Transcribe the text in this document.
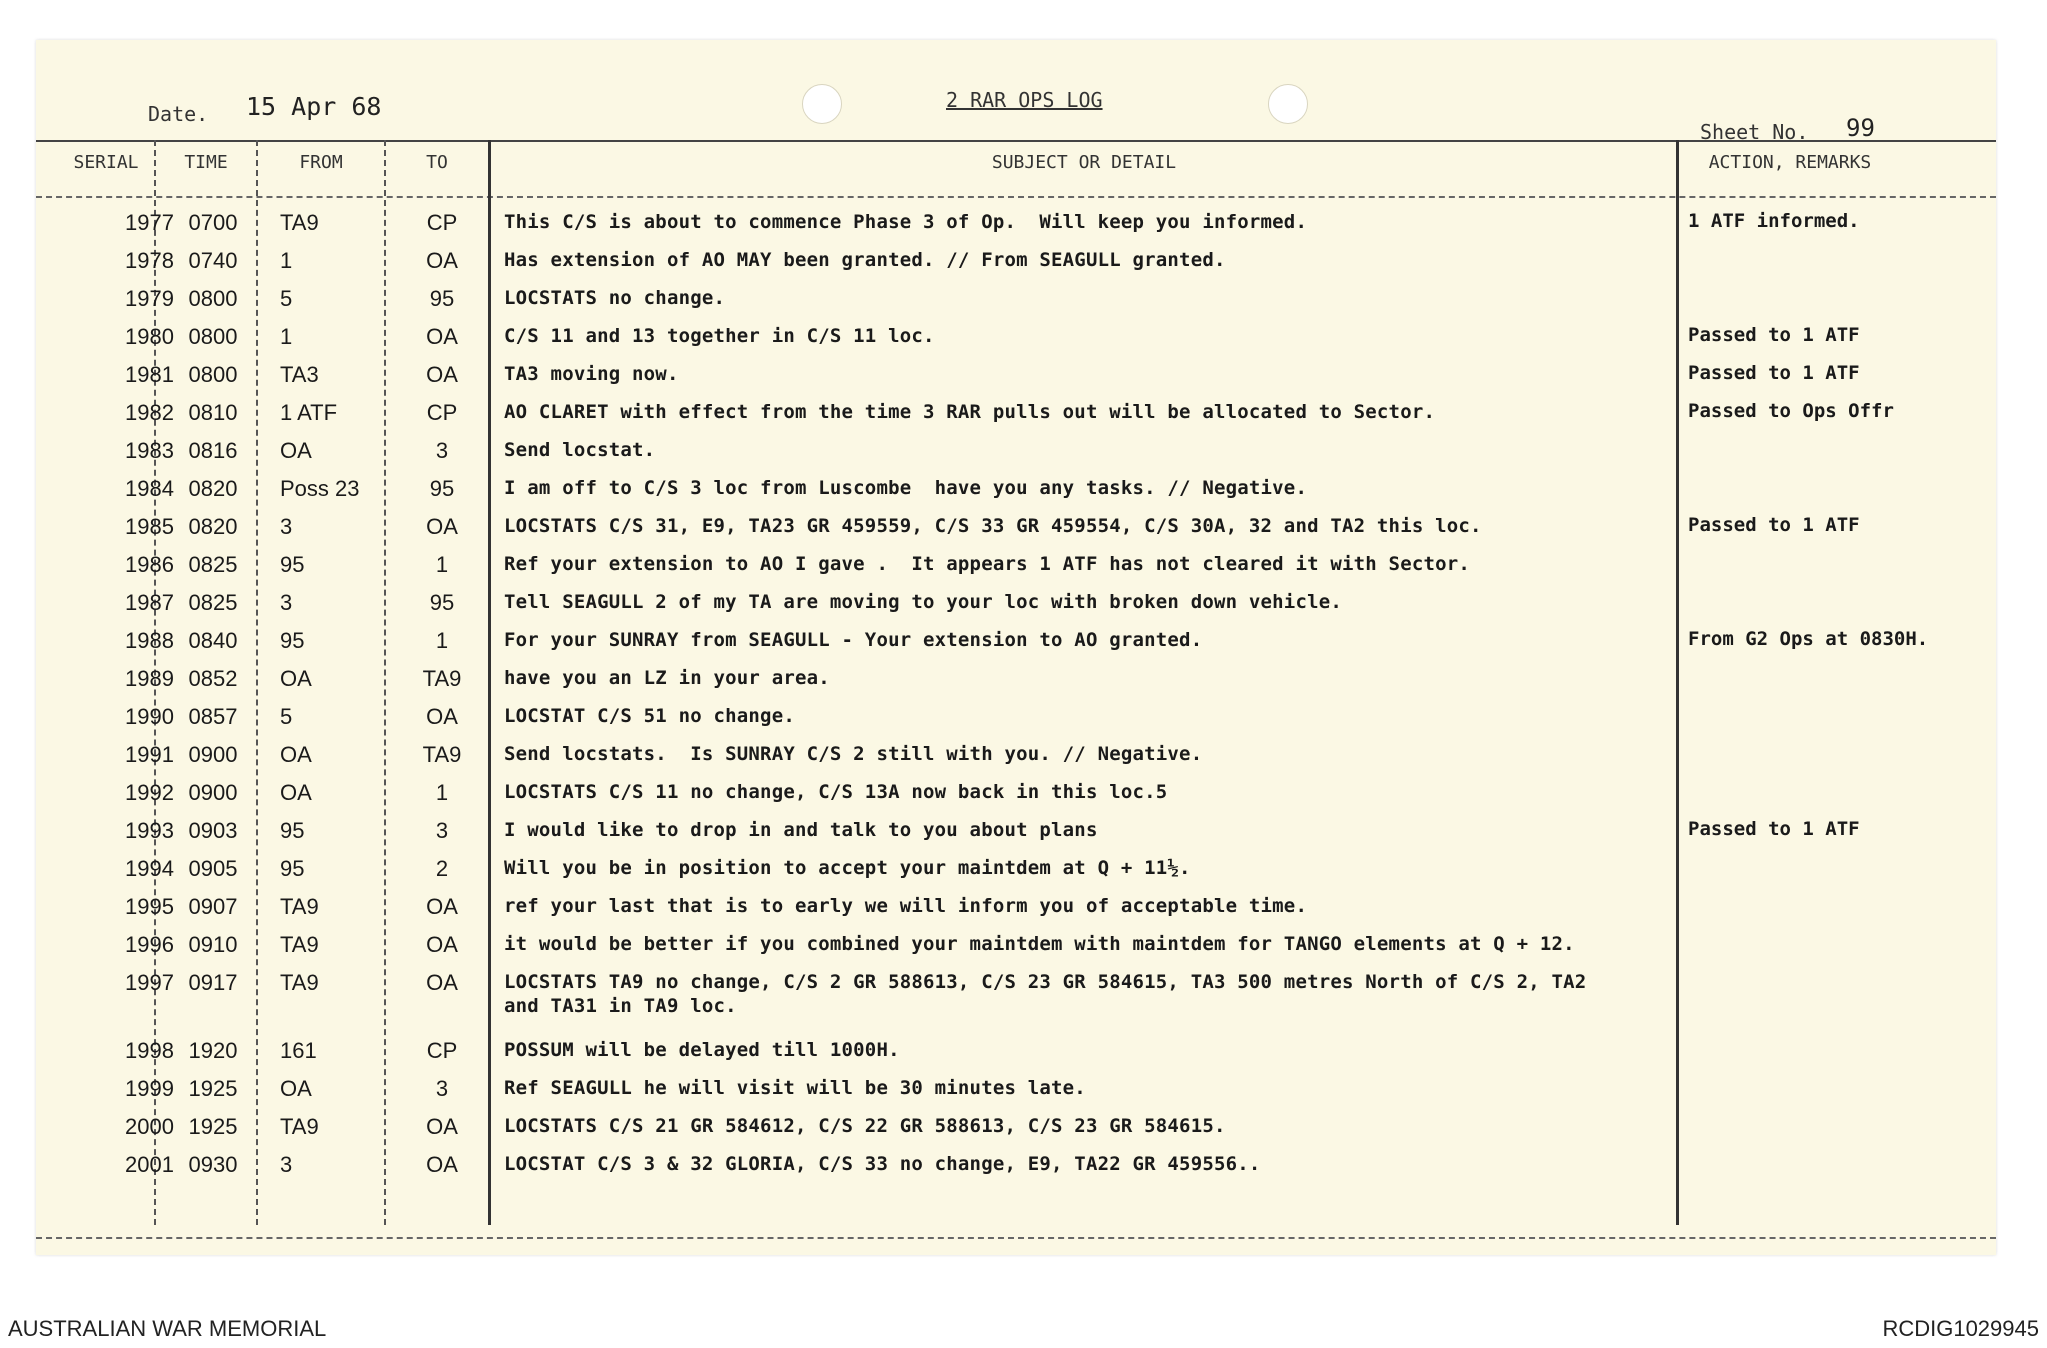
Date. 15 Apr 68	2 RAR OPS LOG
Sheet No. 99
SERIAL	TIME	FROM	TO	SUBJECT OR DETAIL	ACTION, REMARKS
1977 0700	TA9	CP	This C/S is about to commence Phase 3 of Op.  Will keep you informed.	1 ATF informed.
1978 0740	1	OA	Has extension of AO MAY been granted. // From SEAGULL granted.
1979 0800	5	95	LOCSTATS no change.
1980 0800	1	OA	C/S 11 and 13 together in C/S 11 loc.	Passed to 1 ATF
1981 0800	TA3	OA	TA3 moving now.	Passed to 1 ATF
1982 0810	1 ATF	CP	AO CLARET with effect from the time 3 RAR pulls out will be allocated to Sector.	Passed to Ops Offr
1983 0816	OA	3	Send locstat.
1984 0820	Poss 23	95	I am off to C/S 3 loc from Luscombe  have you any tasks. // Negative.
1985 0820	3	OA	LOCSTATS C/S 31, E9, TA23 GR 459559, C/S 33 GR 459554, C/S 30A, 32 and TA2 this loc.	Passed to 1 ATF
1986 0825	95	1	Ref your extension to AO I gave .  It appears 1 ATF has not cleared it with Sector.
1987 0825	3	95	Tell SEAGULL 2 of my TA are moving to your loc with broken down vehicle.
1988 0840	95	1	For your SUNRAY from SEAGULL - Your extension to AO granted.	From G2 Ops at 0830H.
1989 0852	OA	TA9	have you an LZ in your area.
1990 0857	5	OA	LOCSTAT C/S 51 no change.
1991 0900	OA	TA9	Send locstats.  Is SUNRAY C/S 2 still with you. // Negative.
1992 0900	OA	1	LOCSTATS C/S 11 no change, C/S 13A now back in this loc.5
1993 0903	95	3	I would like to drop in and talk to you about plans	Passed to 1 ATF
1994 0905	95	2	Will you be in position to accept your maintdem at Q + 11½.
1995 0907	TA9	OA	ref your last that is to early we will inform you of acceptable time.
1996 0910	TA9	OA	it would be better if you combined your maintdem with maintdem for TANGO elements at Q + 12.
1997 0917	TA9	OA	LOCSTATS TA9 no change, C/S 2 GR 588613, C/S 23 GR 584615, TA3 500 metres North of C/S 2, TA2
and TA31 in TA9 loc.
1998 1920	161	CP	POSSUM will be delayed till 1000H.
1999 1925	OA	3	Ref SEAGULL he will visit will be 30 minutes late.
2000 1925	TA9	OA	LOCSTATS C/S 21 GR 584612, C/S 22 GR 588613, C/S 23 GR 584615.
2001 0930	3	OA	LOCSTAT C/S 3 & 32 GLORIA, C/S 33 no change, E9, TA22 GR 459556..
AUSTRALIAN WAR MEMORIAL	RCDIG1029945
